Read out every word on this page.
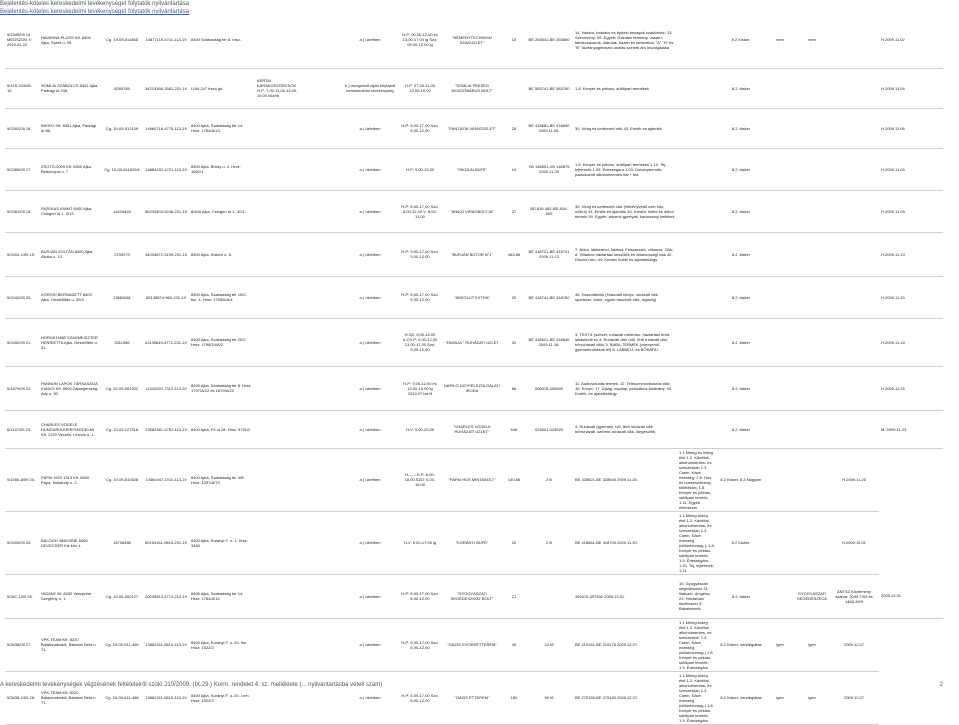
Bejelentés-köteles kereskedelmi tevékenységet folytatók nyilvántartása
Bejelentés-köteles kereskedelmi tevékenységet folytatók nyilvántartása
9/2345/09 14. MEGSZÜN 7/. 2010.01.22	HAVANNA PLUSS Kft. 8400 Ajka, Szent u. 59.	Cg. 19-09-511865	14877119-4711-113-19	8400 Szabadság tér 8. hrsz.:			a.) üzletben	H-P: 09,00-12,00 és 13,00-17,00 ig Szo: 09,00-12,00 ig	"NÉMENYTECHNIKAI SZAKÜZLET"	15	BE 263641-BE 263660	14. Vasáru, barkács és építési anyagok szaküzlete; 13. Szerelvény; 59. Egyéb; Gazdáló termény, vasáru; fatelecsavarok, kiárulás; kazán és tartozékai: "A" "H" és "B" tüzeanyagelosztó osztás szerinti áru kiszolgálása		8.2 Kisker.	nem	nem		H.2009.11.02
9/478-3/2008. 15.	SOMLAI SZABOLCS 8451 Ajka, Padragi út 248.	8265785	54213168-1581-231-19	LIAV-247 frszú gk.	KERTAI KARAKOSZÖRCSÖK H-P: 7,00-11,00 13,00-19,00 között		b.) mozgóbolt útján folytatott kereskedelmi tevékenység	H-P: 07,00-11,00 13,00-19,00	"SOMLAI PÉKSÉG MOZGÓBÁRUS BOLT"		BE 583741-BE 583780	1.8. Kenyér és pékáru, sütőipari termékek		8.2. kisker				H.2009.11.04
9/2392/09 16.	BIVIKO Kft. 8451 Ajka, Padragi út 86.	Cg. 19-09-512109	14960718-4775-113-19	8400 Ajka, Szabadság tér 14. Hrsz: 1784/A/13.			a.) üzletben	H-P: 8,00-17,00 Szo: 8,00-12,00	"FANTÁZIA VIRÁGÜZLET"	28	BE 418681-BE 418690 2009.11.06.	30. Virág és kertészeti cikk 43. Emlék és ajándék		8.2. kisker				H.2009.11.06
9/2385/09 17.	ZSOTÓ-2009 Kft. 8400 Ajka, Belsovopsi u. 7	Cg. 19-09-511820/4	14884152-4721-113-19	8400 Ajka, Bródy u. 4. Hrsz: 1662/1			a.) üzletben	H-P: 9,00-12,00	"ISKOLAI BÜFÉ"	10	VB 148851-VB 148875 2009.11.09	1.8. Kenyér és pékáru, sütőipari termékek 1.10. Tej, tejtermék 1.09. Édességáru 1.03. Dohánytermék; palackozott alkoholmentes ital + tea		8.2. kisker				H.2009.11.09
9/2381/09 18.	FAZEKAS ANIKÓ 8400 Ajka, Csingeri út 1. 4/13.	14416493	85205403-5248-231-19	8/400 Ajka, Csingeri út 1. 4/13.			a.) üzletben	H-P: 8,00-17,00 Szo: 8,00-12,00 V: 8,00-11,00	"ANIKÓ VIRÁGBOLTJA"	27	BD 816-481-BD 816-500	30. Virág és kertészeti cikk (Növényvédő szer foly. nélkül) 43. Emlék és ajándék 40. Kreatív hobbi és dekor termék 59. Egyéb: adventi gyertyák, karácsonyi kellékek		8.2. kisker				H.2009.11.09
9/2404-1/09 19.	BURJÁN ZOLTÁN 8400 Ajka, Alinka u. 13.	2709279	34004672-3109-231-19	8400 Ajka, Kiskert u. 6.			a.) üzletben	H-P: 9,00-17,00 Szo: 9,00-12,00	"BURJÁN BÚTOR N°1"	483,86	BE 418721-BE 418741 2009.11.13	7. Bútor, lakberend, háztart. Felszerelés, villamos. Cikk; 8. Villamos háztartási készülék és villamossági cikk 42. Díszmű áru; 44. Kreatív hobbi és ajándéktárgy		8.2. kisker				H.2009.11.13
9/2442/09 20.	KÖRÖSI BERNADETT 8400 Ajka, Gesztfőbtó u. 30/3	13662681	65138674-960-231-19	8400 Ajka, Szabadság tér 19/C. fsz. 4. Hrsz: 1795/6/A/4			a.) üzletben	H-P: 6,00-17,00 Szo: 9,00-12,00	"ABSOLUT EXTRA"	20	BE 418741-BE 418760	46. Használtcikk (Használt könyv, ruházati cikk, sportszer, bútor, egyéb használt cikk, régiség)		8.2. kisker				H.2009.11.19
9/2452/09 21.	HORVÁTHNÉ SZAKMEISZTER HENRIETTA Ajka, Gesztfőbtó u. 31.	3311966	61135649-4771-231-19	8400 Ajka, Szabadság tér 20/2. Hrsz: 1798/14/A/2			a.) üzletben	H-SZ: 9,00-14,00 K,CS,P: 9,00-12,00 13,00-17,00 Szo: 9,00-12,00	"FAMILIA " RUHÁZATI ÜZLET	32	BE 418621-BE 418640 2009.11.18.	3. TEXTIL (szövet, ruházati méteráru, háztartási textil, lakástextil és 4. Ruházati cikk (női, férfi ruházati cikk, bőrruházati cikk) 5. BABA-TERMÉK (csecsemő-gyermekruházati tél) 8. LÁBBELI- és BŐRÁRU		8.2. kisker				H.2009.11.18
9/1579/09 22.	PANNON LAPOK TÁRSASÁGA KIADÓI Kft. 8900 Zalaegerszeg, Ady u. 90.	Cg. 20-09-061202	11342020-7312-113-20	8400 Ajka, Szabadság tér 8. Hrsz: 1797/A/12 és 1879/A/22			a.) üzletben	H-P: 9,00-12,00 és 13,00-16,00 ig 2010.07.tsz ill	NAPILÓ ÜGYFÉLSZOLGÁLATI IRODA	86	006578-005600	11. Audiovizuális termék, 12. Telekommunikációs cikk; 16. Könyv; 17. Újság, napilap, periódikus kiadvány; 43. Emlék- és ajándéktárgy		8.2. kisker				H.2009.11.25
6/1147/09 23.	CHARLES VÖGELE HUNGARIA KERESKEDELMI Kft. 2220 Vecsés, Lincoln u. 1.	Cg. 13-09-127518	13582461-4751-113-13	8400 Ajka, Fő út 28. Hrsz: 5791/2			a.) üzletben	H-V: 9,00-20,00	"CHARLES VÖGELE RUHÁZATI ÜZLET"	646	023601-023620	4. Ruházati (gyermek, női, férfi ruházati cikk, bőrruházati, szőrme-ruházati cikk, kiegészítő)		8.2. kisker				M: 2009.11.23.
9/1550-8/09 24.	PÁPAI HÚS 1913 Kft. 8500 Pápa, Kisfaludy u. 2.	Cg. 19-09-510826	14460447-1011-113-19	8400 Ajka, Szabadság tér 4/B. Hrsz: 1337/A/73			a.) üzletben	H-----: K-P: 6,00-18,00 SZO: 6,00-15,00	"PÁPAI HÚS MINTABOLT"	140,86	2 ill	BE 328621-BE 328640 2009.11.25.	1.1 Meleg és hideg étel 1.2. Kávéital, alkoholmentes- és szeszesital; 1.3. Csem. Kávé, édesség; 1.6. Hús és húskészítmény, töltelékáru 1.8. Kenyér és pékáru, sütőipari termék, 1.11. Egyéb élelmiszer	8.2 Kisker. 8.3 Nagyker			H.2009.11.25	
9/2400/09 25.	BALOGH JÁNOSNÉ 8460 DEVECSER Kis köz 1.	18706486	60153161-9619-231-19	8400 Ajka, Korányi F. u. 1. Hrsz: 3465			a.) üzletben	H-V: 5,00-17,00 ig	"KORÁNYI BÜFÉ"	20	2 ill	BE 418681-BE 418700 2009.11.30.	1.1 Meleg-hideg étel 1.2. Kávéital, alkoholmentes- és szeszesital; 1.3. Csem. Kávé, édesség (előreesomag.); 1.8. Kenyér és pékáru, sütőipari termék; 1.9. Édességáru; 1.10. Tej, tejtermék; 1.11	8.2 Kisker.			H.2009.12.01	
9/267-1/09 26.	HIGANY Bt. 8200 Veszprém, Szegfény u. 1.	Cg. 19-06-500127	20039813-4774-212-19	8400 Ajka, Szabadság tér 14. Hrsz: 1784/A/14			a.) üzletben	H-P: 8,00-17,00 Szo: 8,00-12,00	"GYÓGYÁSZATI SEGÉDESZKÖZ BOLT"	21		390470-397500 2009.12.01.	19. Gyógyászati segédeszköz 21. Illatszer, drogéria; 23. Háztartási tisztítószer 8. Babatermék	8.2. kisker		GYÓGYÁSZATI SEGÉDESZKÖZ	ÁNTSZ Közlemény száma: 2049-7/09 és 1468-3/09	2009.12.01
9/2638/09 27.	VPK-TEAM Kft. 8220 Balatonalmádi, Balatoni Béla u. 71.	Cg. 19-09-511-485	13681311-5610-113-19	8400 Ajka, Korányi F. u. 20. fsz. Hrsz: 1522/2			a.) üzletben	H-P: 5,00-17,00 Szo: 6,00-12,00	"OÁZIS GYORSÉTTEREM"	40	24 fő	BE 219151-BE 219175 2009.12.07.	1.1 Meleg-hideg étel 1.2. Kávéital, alkoholmentes- és szeszesital; 1.3. Csem. Kávé, édesség (előreesomag.) 1.8. Kenyér és pékáru, sütőipari termék; 1.9. Édességáru	8.2 Kisker, vendéglátás	igen	igen	2009.12.07	
9/2638-1/09 28.	VPK-TEAM Kft. 8220 Balatonalmádi, Balatoni Béla u. 71.	Cg. 19-09-511-485	13681311-5610-113-19	8400 Ajka, Korányi F. u. 20. I.em. Hrsz: 1522/2			a.) üzletben	H-P: 5,00-17,00 Szo: 6,00-12,00	"OÁZIS ÉTTEREM"	180	50 fő	BE 279150-BE 279150 2009.12.07.	1.1 Meleg-hideg étel 1.2. Kávéital, alkoholmentes- és szeszesital; 1.3. Csem. Kávé, édesség (előreesomag.) 1.8. Kenyér és pékáru, sütőipari termék; 1.9. Édességáru	8.2 Kisker, vendéglátás	igen	igen	2009.12.07	
A kereskedelmi tevékenységek végzésének feltételeiről szóló 210/2009. (IX.29.) Korm. rendelet 4. sz. melléklete (... nyilvántartásba vételi szám)	2
